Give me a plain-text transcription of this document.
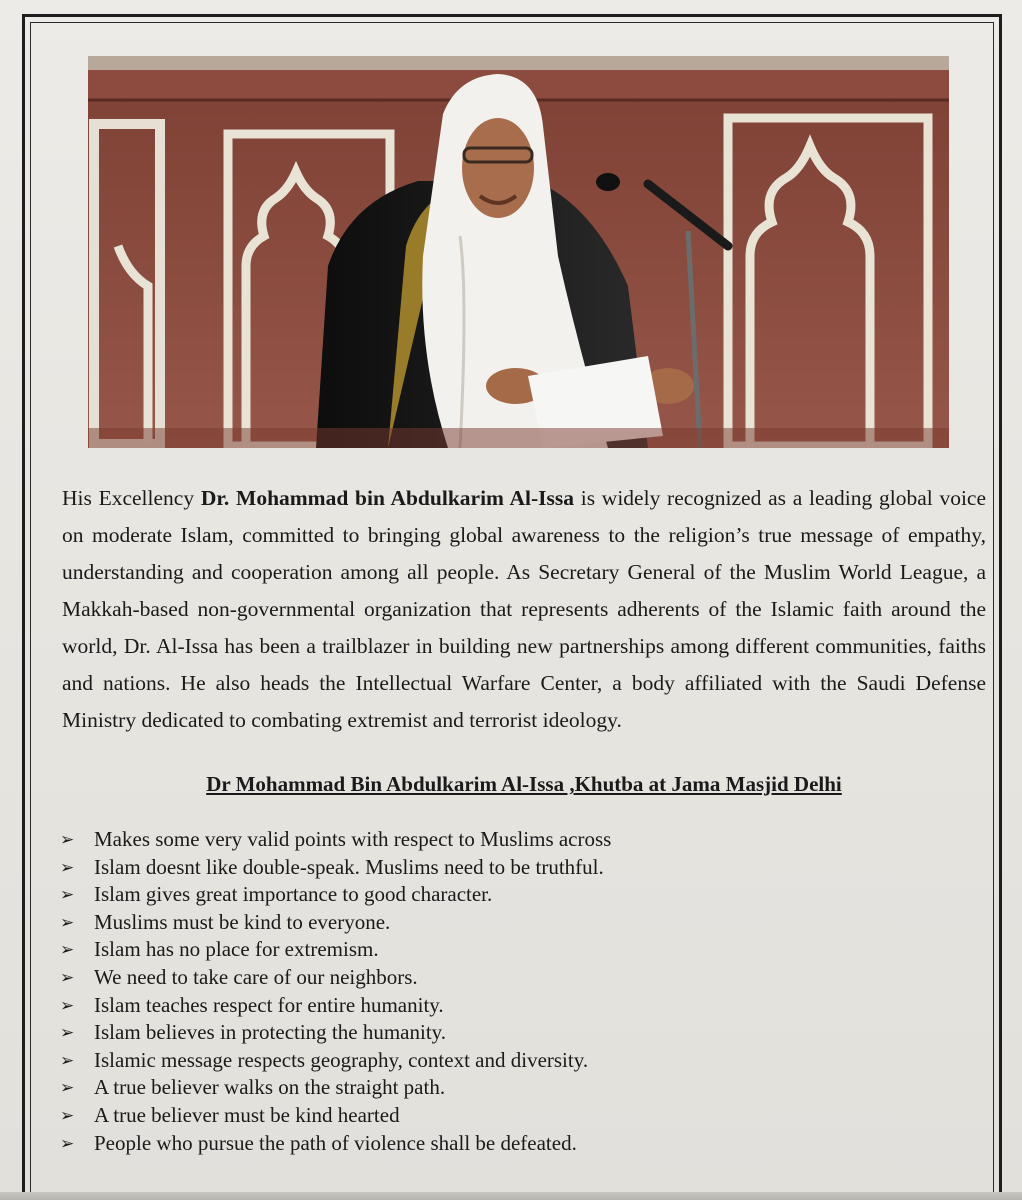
His Excellency Dr. Mohammad bin Abdulkarim Al-Issa is widely recognized as a leading global voice on moderate Islam, committed to bringing global awareness to the religion’s true message of empathy, understanding and cooperation among all people. As Secretary General of the Muslim World League, a Makkah-based non-governmental organization that represents adherents of the Islamic faith around the world, Dr. Al-Issa has been a trailblazer in building new partnerships among different communities, faiths and nations. He also heads the Intellectual Warfare Center, a body affiliated with the Saudi Defense Ministry dedicated to combating extremist and terrorist ideology.

Dr Mohammad Bin Abdulkarim Al-Issa ,Khutba at Jama Masjid Delhi

➢ Makes some very valid points with respect to Muslims across
➢ Islam doesnt like double-speak. Muslims need to be truthful.
➢ Islam gives great importance to good character.
➢ Muslims must be kind to everyone.
➢ Islam has no place for extremism.
➢ We need to take care of our neighbors.
➢ Islam teaches respect for entire humanity.
➢ Islam believes in protecting the humanity.
➢ Islamic message respects geography, context and diversity.
➢ A true believer walks on the straight path.
➢ A true believer must be kind hearted
➢ People who pursue the path of violence shall be defeated.
